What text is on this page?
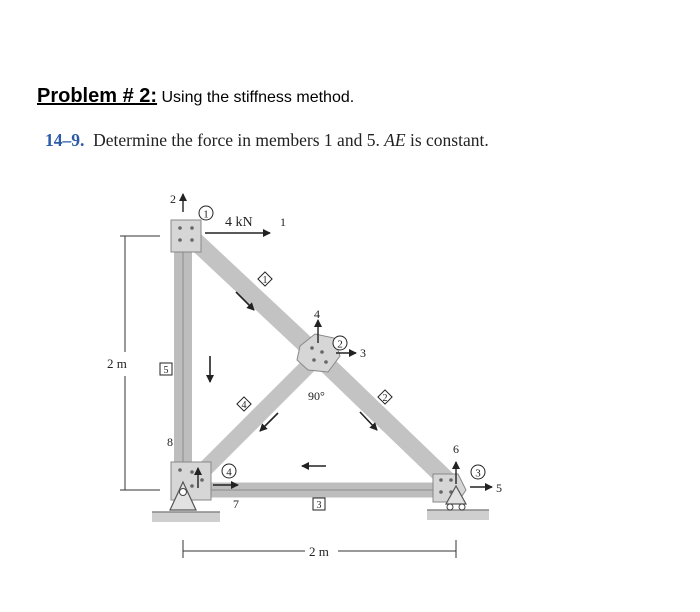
Problem # 2: Using the stiffness method.
14–9. Determine the force in members 1 and 5. AE is constant.
4 kN
1
2
3
4
1
2
4
3
5
2
1
4
3
8
7
6
5
90°
2 m
2 m
